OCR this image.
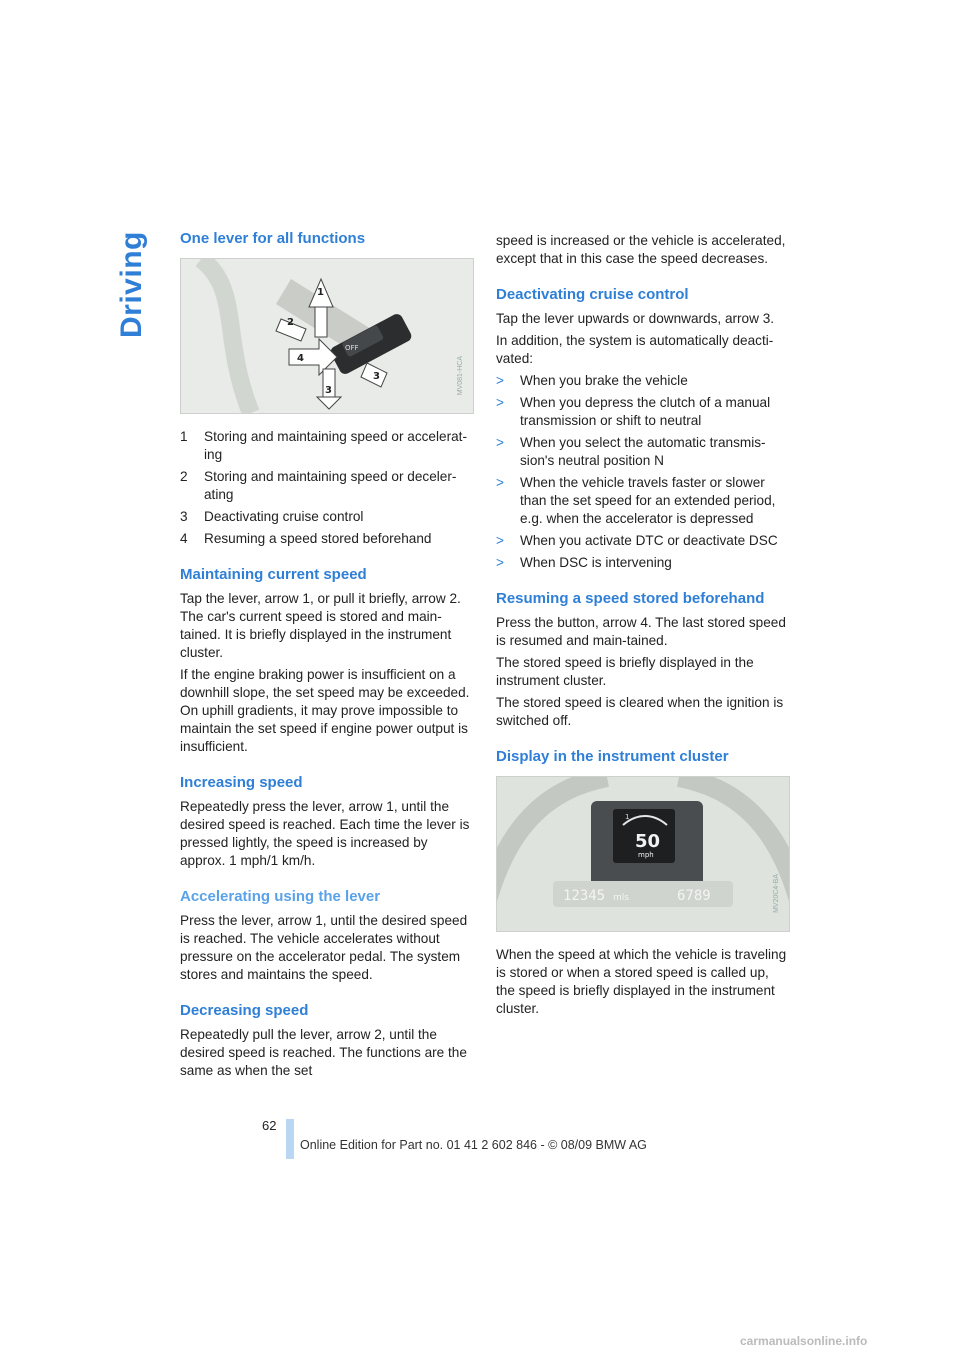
Driving One lever for all functions
OFF
1
4
2
3
3	MV081-HCA
1	Storing and maintaining speed or accelerat-ing
2	Storing and maintaining speed or deceler-ating
3	Deactivating cruise control
4	Resuming a speed stored beforehand
Maintaining current speed

Tap the lever, arrow 1, or pull it briefly, arrow 2. The car's current speed is stored and main-tained. It is briefly displayed in the instrument cluster.

If the engine braking power is insufficient on a downhill slope, the set speed may be exceeded. On uphill gradients, it may prove impossible to maintain the set speed if engine power output is insufficient.

Increasing speed

Repeatedly press the lever, arrow 1, until the desired speed is reached. Each time the lever is pressed lightly, the speed is increased by approx. 1 mph/1 km/h.

Accelerating using the lever

Press the lever, arrow 1, until the desired speed is reached. The vehicle accelerates without pressure on the accelerator pedal. The system stores and maintains the speed.

Decreasing speed

Repeatedly pull the lever, arrow 2, until the desired speed is reached. The functions are the same as when the set

speed is increased or the vehicle is accelerated, except that in this case the speed decreases.

Deactivating cruise control

Tap the lever upwards or downwards, arrow 3.

In addition, the system is automatically deacti-vated:

>	When you brake the vehicle
>	When you depress the clutch of a manual transmission or shift to neutral
>	When you select the automatic transmis-sion's neutral position N
>	When the vehicle travels faster or slower than the set speed for an extended period, e.g. when the accelerator is depressed
>	When you activate DTC or deactivate DSC
>	When DSC is intervening
Resuming a speed stored beforehand

Press the button, arrow 4. The last stored speed is resumed and main-tained.

The stored speed is briefly displayed in the instrument cluster.

The stored speed is cleared when the ignition is switched off.

Display in the instrument cluster
1
50
mph
12345 mls	6789	MV20C4-BA

When the speed at which the vehicle is traveling is stored or when a stored speed is called up, the speed is briefly displayed in the instrument cluster.

62
Online Edition for Part no. 01 41 2 602 846 - © 08/09 BMW AG
carmanualsonline.info
